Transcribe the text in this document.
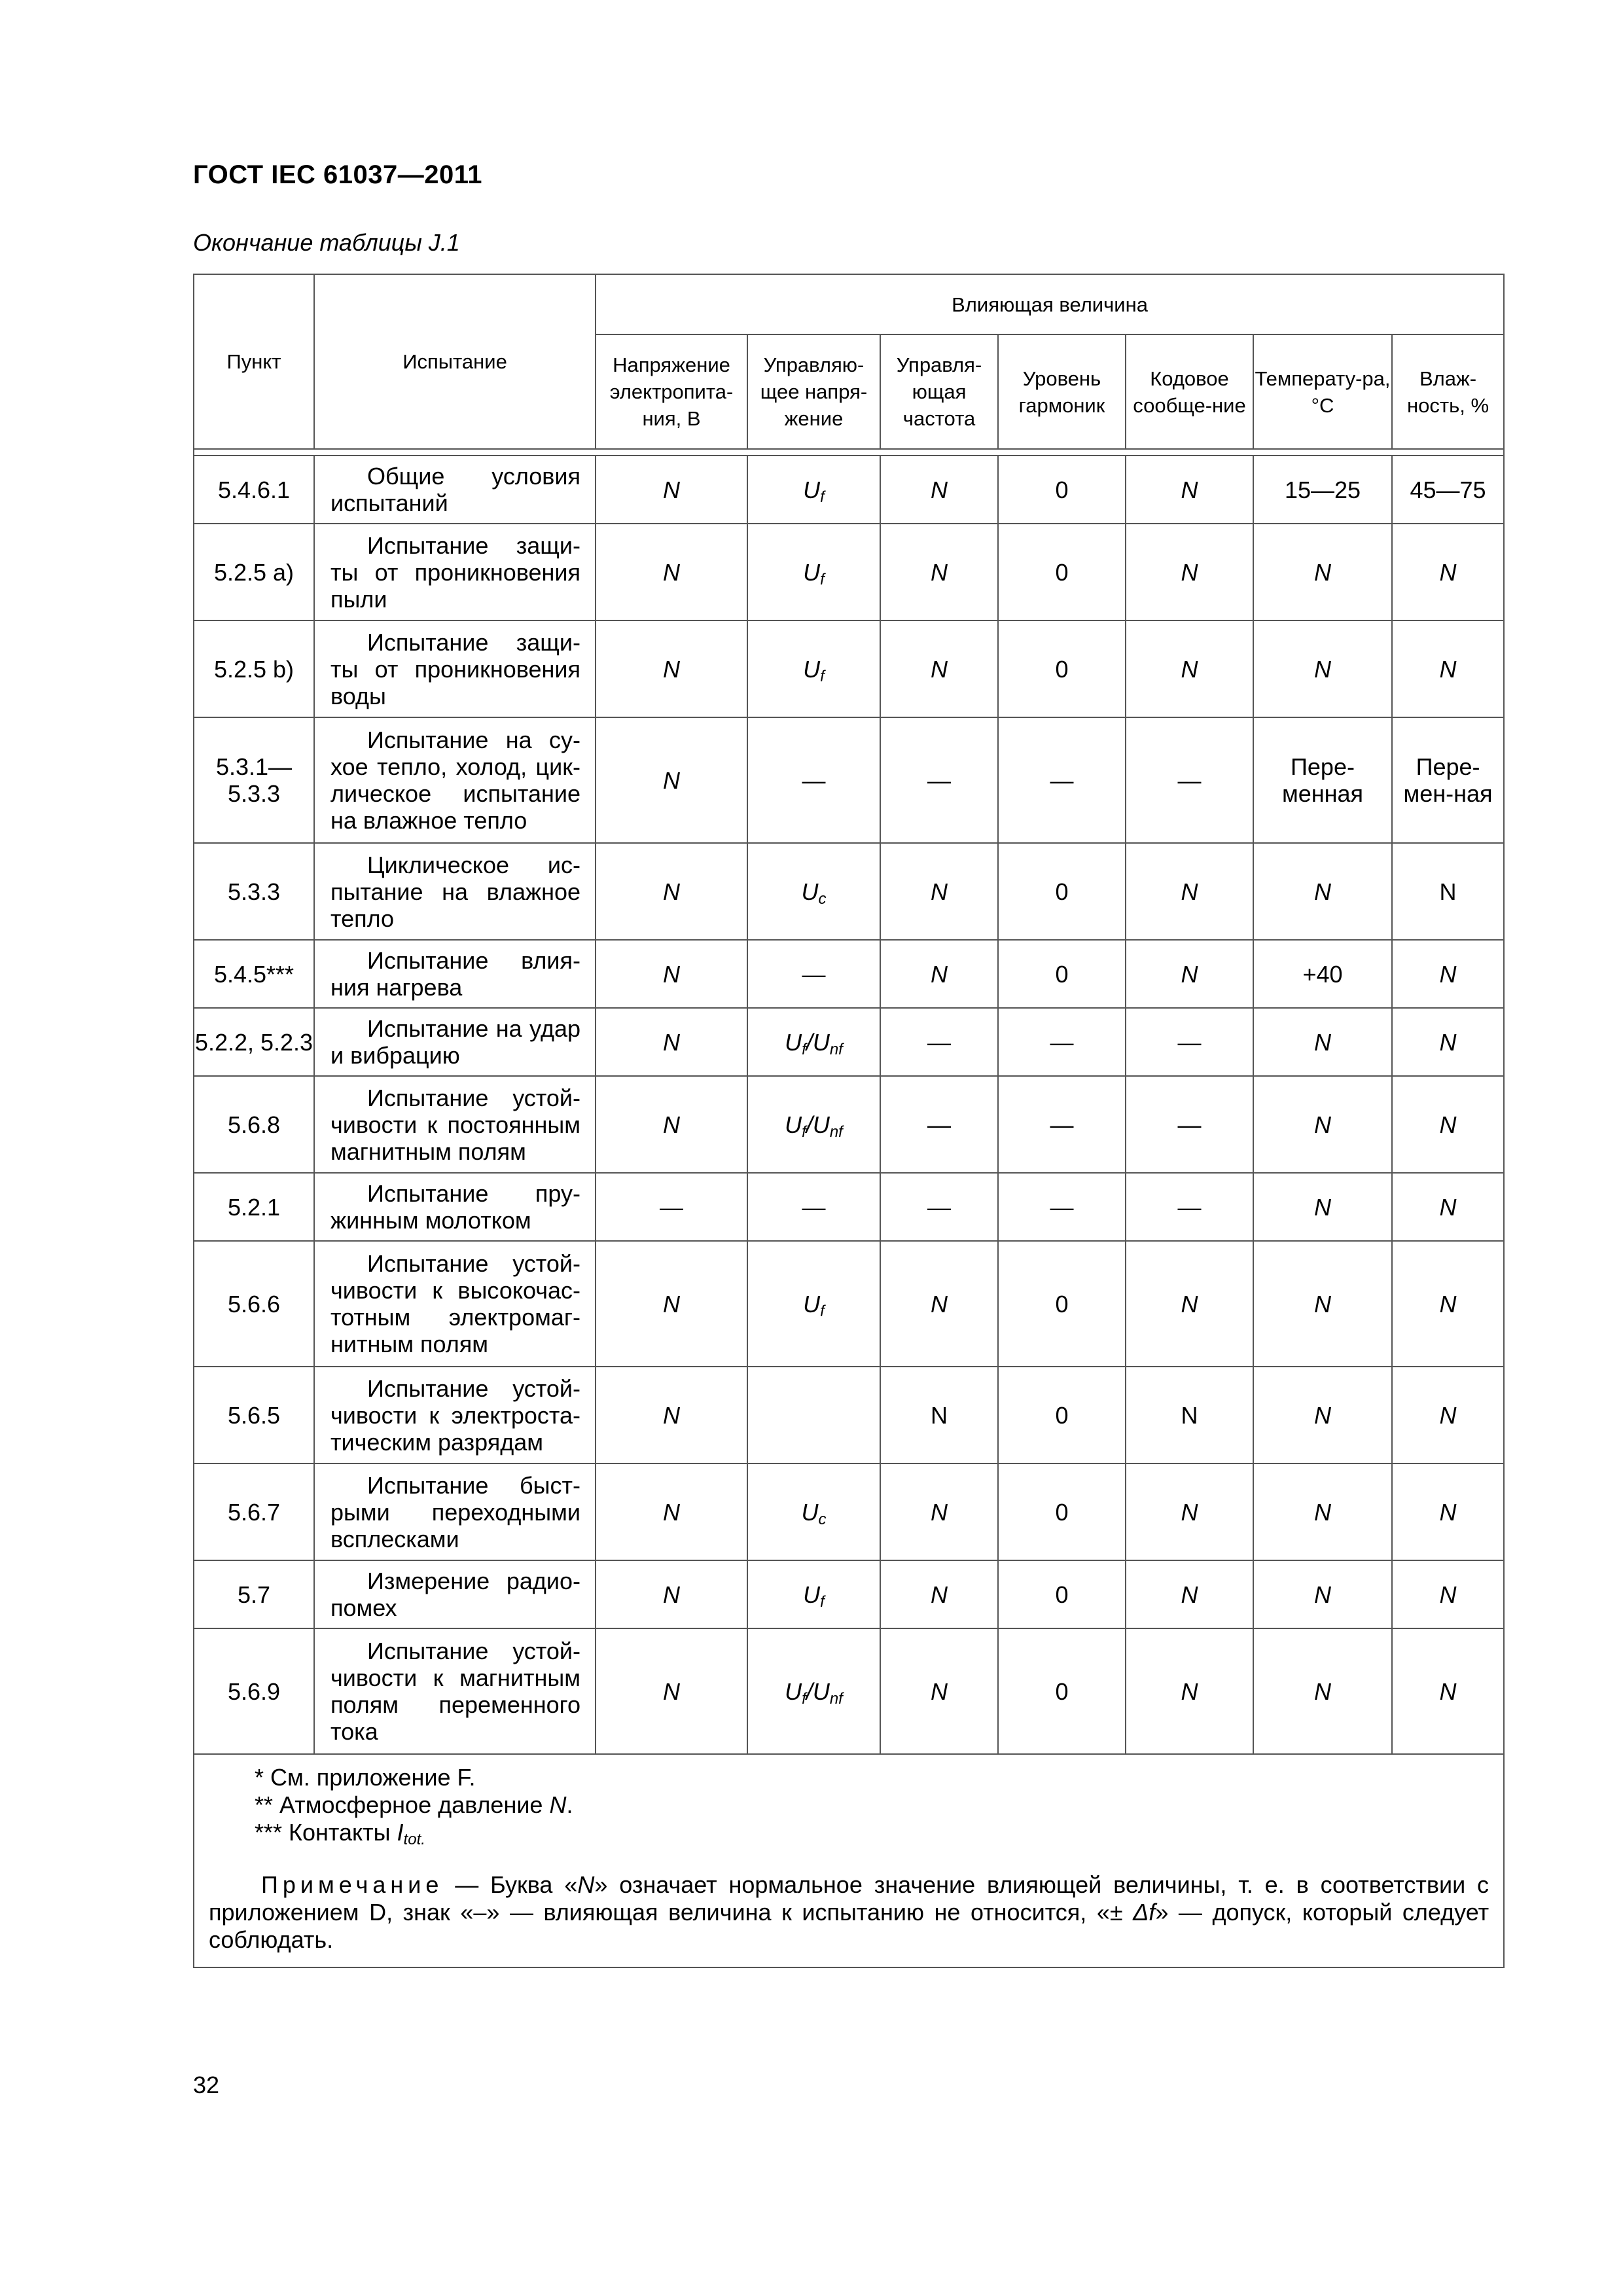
ГОСТ IEC 61037—2011
Окончание таблицы J.1
Пункт	Испытание	Влияющая величина						
		Напряжение электропита-ния, В	Управляю-щее напря-жение	Управля-ющая частота	Уровень гармоник	Кодовое сообще-ние	Температу-ра, °С	Влаж-ность, %

5.4.6.1	Общие условия испытаний	N	$U_f$	N	0	N	15—25	45—75
5.2.5 a)	Испытание защи-ты от проникновения пыли	N	$U_f$	N	0	N	N	N
5.2.5 b)	Испытание защи-ты от проникновения воды	N	$U_f$	N	0	N	N	N
5.3.1—5.3.3	Испытание на су-хое тепло, холод, цик-лическое испытание на влажное тепло	N	—	—	—	—	Пере-менная	Пере-мен-ная
5.3.3	Циклическое ис-пытание на влажное тепло	N	$U_c$	N	0	N	N	N
5.4.5***	Испытание влия-ния нагрева	N	—	N	0	N	+40	N
5.2.2, 5.2.3	Испытание на удар и вибрацию	N	$U_f/U_{nf}$	—	—	—	N	N
5.6.8	Испытание устой-чивости к постоянным магнитным полям	N	$U_f/U_{nf}$	—	—	—	N	N
5.2.1	Испытание пру-жинным молотком	—	—	—	—	—	N	N
5.6.6	Испытание устой-чивости к высокочас-тотным электромаг-нитным полям	N	$U_f$	N	0	N	N	N
5.6.5	Испытание устой-чивости к электроста-тическим разрядам	N		N	0	N	N	N
5.6.7	Испытание быст-рыми переходными всплесками	N	$U_c$	N	0	N	N	N
5.7	Измерение радио-помех	N	$U_f$	N	0	N	N	N
5.6.9	Испытание устой-чивости к магнитным полям переменного тока	N	$U_f/U_{nf}$	N	0	N	N	N

* См. приложение F.
** Атмосферное давление N.
*** Контакты $I_{tot.}$
Примечание — Буква «N» означает нормальное значение влияющей величины, т. е. в соответствии с приложением D, знак «–» — влияющая величина к испытанию не относится, «± Δf» — допуск, который следует соблюдать.								
32
